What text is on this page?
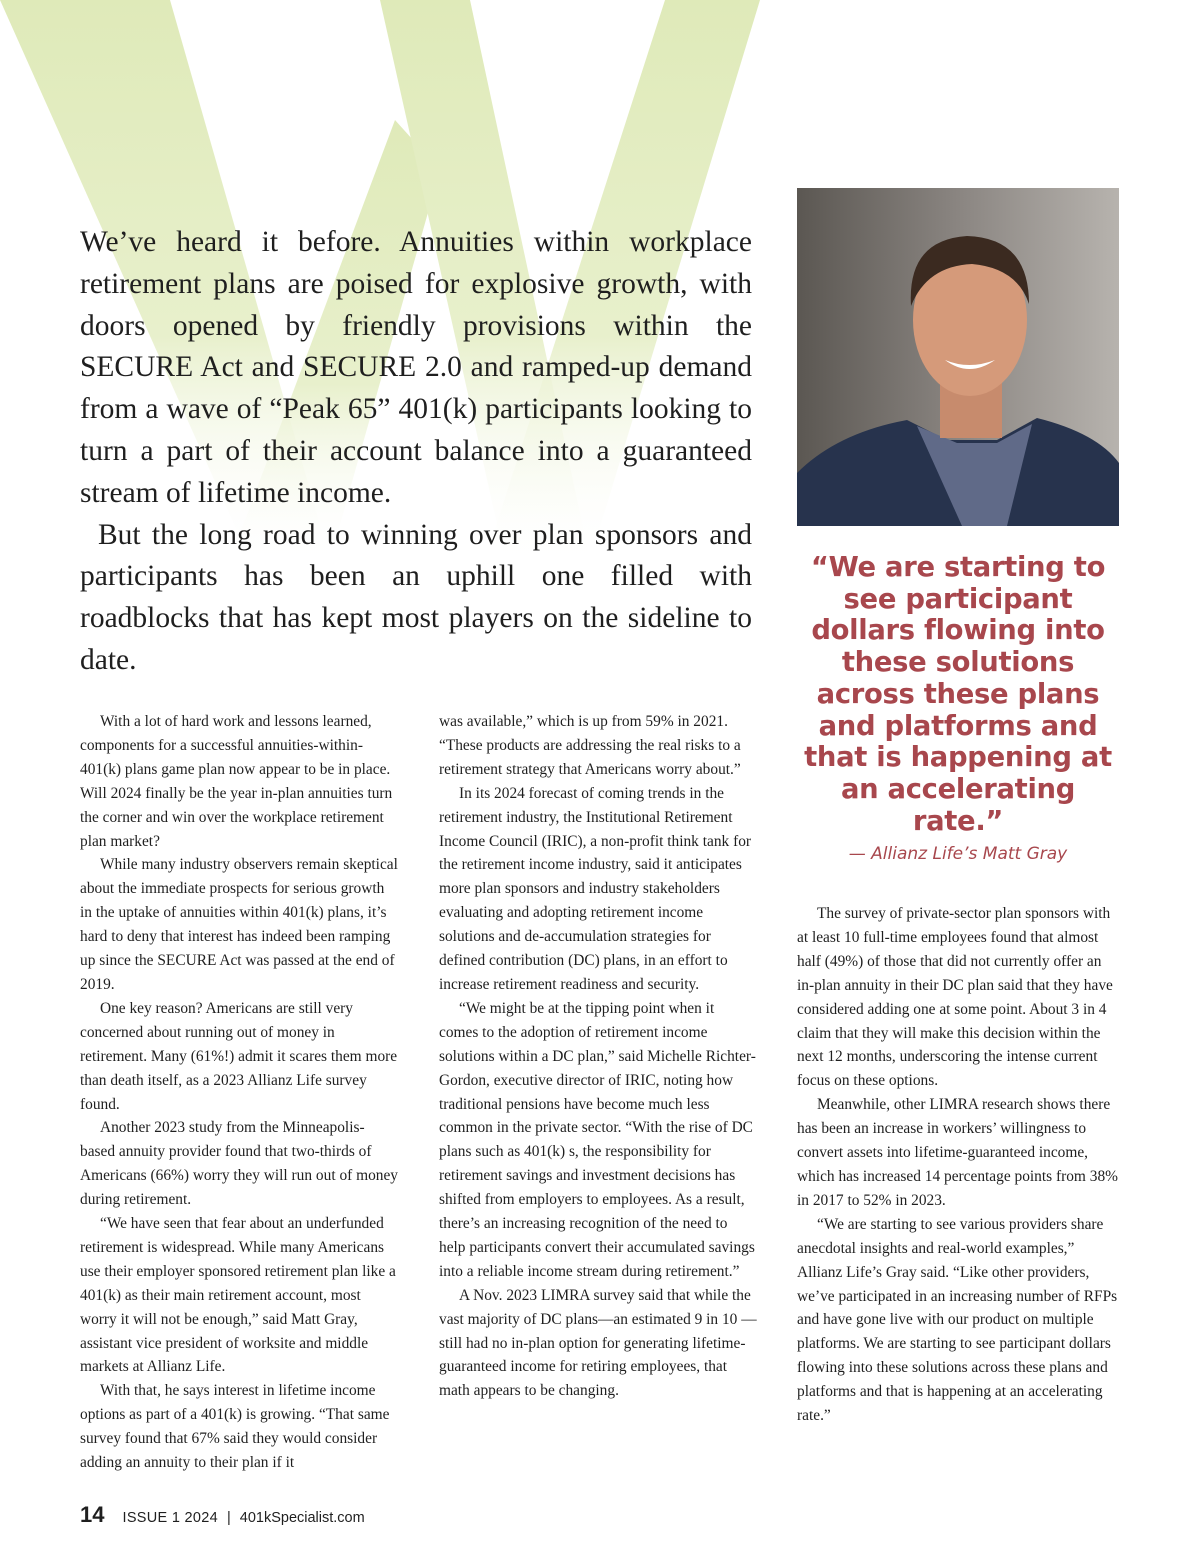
We’ve heard it before. Annuities within workplace retirement plans are poised for explosive growth, with doors opened by friendly provisions within the SECURE Act and SECURE 2.0 and ramped-up demand from a wave of “Peak 65” 401(k) participants looking to turn a part of their account balance into a guaranteed stream of lifetime income.

But the long road to winning over plan sponsors and participants has been an uphill one filled with roadblocks that has kept most players on the sideline to date.

“We are starting to see participant dollars flowing into these solutions across these plans and platforms and that is happening at an accelerating rate.”
— Allianz Life’s Matt Gray

With a lot of hard work and lessons learned, components for a successful annuities-within-401(k) plans game plan now appear to be in place. Will 2024 finally be the year in-plan annuities turn the corner and win over the workplace retirement plan market?

While many industry observers remain skeptical about the immediate prospects for serious growth in the uptake of annuities within 401(k) plans, it’s hard to deny that interest has indeed been ramping up since the SECURE Act was passed at the end of 2019.

One key reason? Americans are still very concerned about running out of money in retirement. Many (61%!) admit it scares them more than death itself, as a 2023 Allianz Life survey found.

Another 2023 study from the Minneapolis-based annuity provider found that two-thirds of Americans (66%) worry they will run out of money during retirement.

“We have seen that fear about an underfunded retirement is widespread. While many Americans use their employer sponsored retirement plan like a 401(k) as their main retirement account, most worry it will not be enough,” said Matt Gray, assistant vice president of worksite and middle markets at Allianz Life.

With that, he says interest in lifetime income options as part of a 401(k) is growing. “That same survey found that 67% said they would consider adding an annuity to their plan if it

was available,” which is up from 59% in 2021. “These products are addressing the real risks to a retirement strategy that Americans worry about.”

In its 2024 forecast of coming trends in the retirement industry, the Institutional Retirement Income Council (IRIC), a non-profit think tank for the retirement income industry, said it anticipates more plan sponsors and industry stakeholders evaluating and adopting retirement income solutions and de-accumulation strategies for defined contribution (DC) plans, in an effort to increase retirement readiness and security.

“We might be at the tipping point when it comes to the adoption of retirement income solutions within a DC plan,” said Michelle Richter-Gordon, executive director of IRIC, noting how traditional pensions have become much less common in the private sector. “With the rise of DC plans such as 401(k) s, the responsibility for retirement savings and investment decisions has shifted from employers to employees. As a result, there’s an increasing recognition of the need to help participants convert their accumulated savings into a reliable income stream during retirement.”

A Nov. 2023 LIMRA survey said that while the vast majority of DC plans—an estimated 9 in 10 —still had no in-plan option for generating lifetime-guaranteed income for retiring employees, that math appears to be changing.

The survey of private-sector plan sponsors with at least 10 full-time employees found that almost half (49%) of those that did not currently offer an in-plan annuity in their DC plan said that they have considered adding one at some point. About 3 in 4 claim that they will make this decision within the next 12 months, underscoring the intense current focus on these options.

Meanwhile, other LIMRA research shows there has been an increase in workers’ willingness to convert assets into lifetime-guaranteed income, which has increased 14 percentage points from 38% in 2017 to 52% in 2023.

“We are starting to see various providers share anecdotal insights and real-world examples,” Allianz Life’s Gray said. “Like other providers, we’ve participated in an increasing number of RFPs and have gone live with our product on multiple platforms. We are starting to see participant dollars flowing into these solutions across these plans and platforms and that is happening at an accelerating rate.”

14 ISSUE 1 2024 | 401kSpecialist.com
